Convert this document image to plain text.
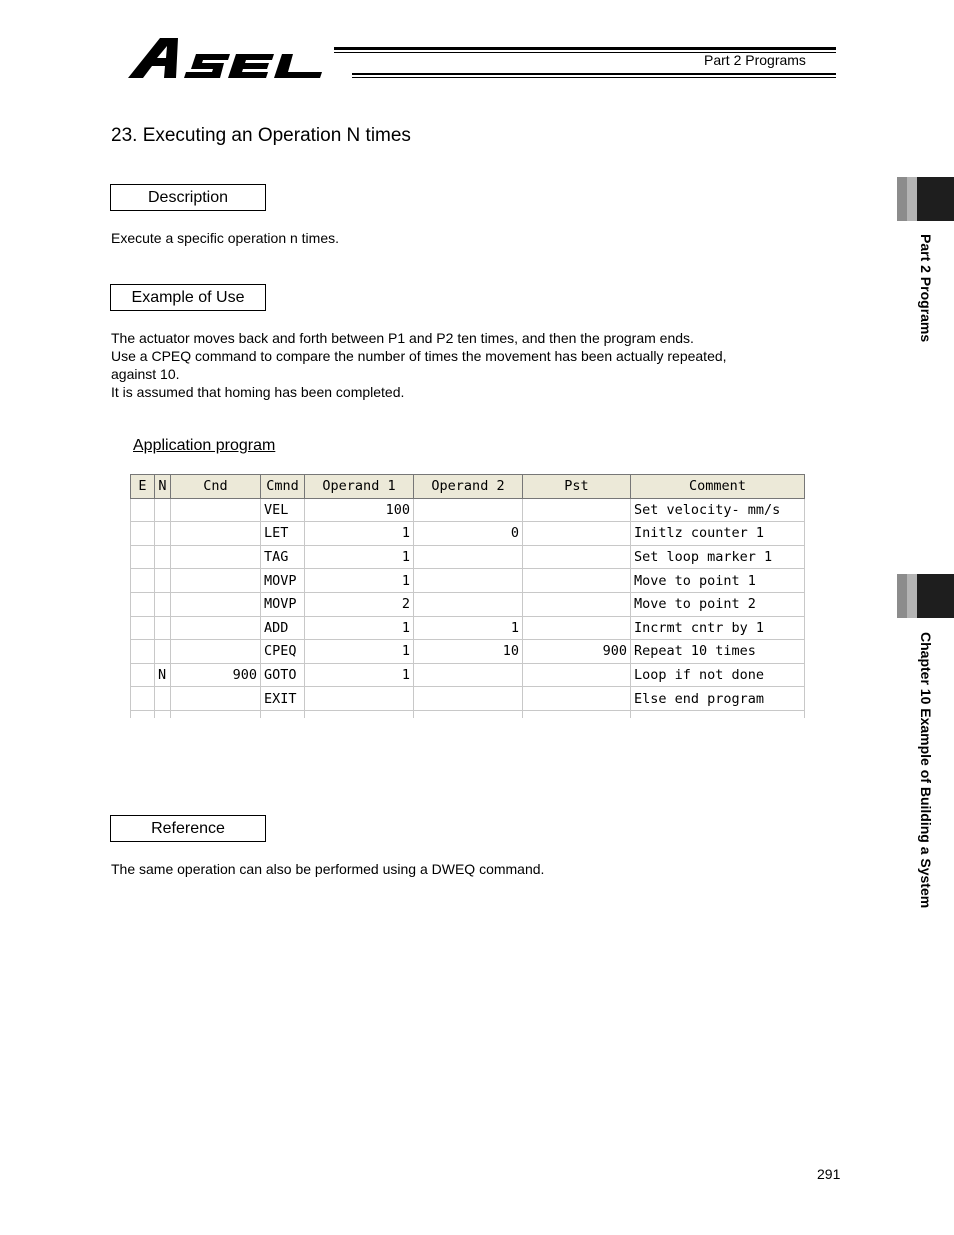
Part 2 Programs
23. Executing an Operation N times
Description
Execute a specific operation n times.
Example of Use
The actuator moves back and forth between P1 and P2 ten times, and then the program ends.
Use a CPEQ command to compare the number of times the movement has been actually repeated,
against 10.
It is assumed that homing has been completed.
Application program
E	N	Cnd	Cmnd	Operand 1	Operand 2	Pst	Comment
			VEL	100			Set velocity- mm/s
			LET	1	0		Initlz counter 1
			TAG	1			Set loop marker 1
			MOVP	1			Move to point 1
			MOVP	2			Move to point 2
			ADD	1	1		Incrmt cntr by 1
			CPEQ	1	10	900	Repeat 10 times
	N	900	GOTO	1			Loop if not done
			EXIT				Else end program

Reference
The same operation can also be performed using a DWEQ command.
Part 2 Programs
Chapter 10 Example of Building a System
291
